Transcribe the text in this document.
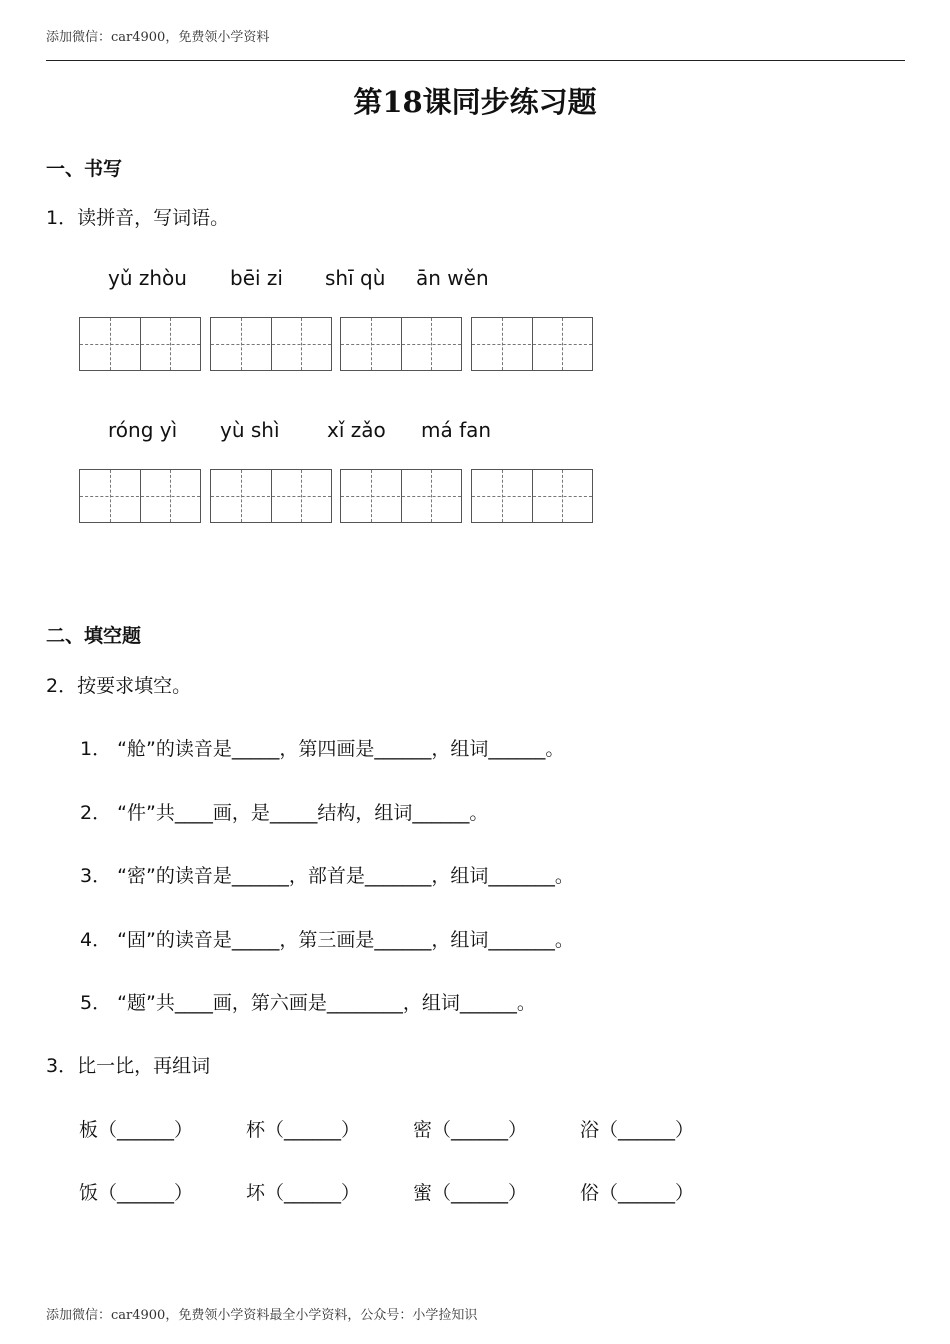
添加微信：car4900，免费领小学资料
第18课同步练习题
一、书写
1．读拼音，写词语。
yǔ zhòu bēi zi shī qù ān wěn
róng yì yù shì xǐ zǎo má fan
二、填空题
2．按要求填空。
1． “舱”的读音是_____，第四画是______，组词______。
2． “件”共____画，是_____结构，组词______。
3． “密”的读音是______，部首是_______，组词_______。
4． “固”的读音是_____，第三画是______，组词_______。
5． “题”共____画，第六画是________，组词______。
3．比一比，再组词
板（______）	杯（______）	密（______）	浴（______）
饭（______）	坏（______）	蜜（______）	俗（______）
添加微信：car4900，免费领小学资料最全小学资料，公众号：小学捡知识
